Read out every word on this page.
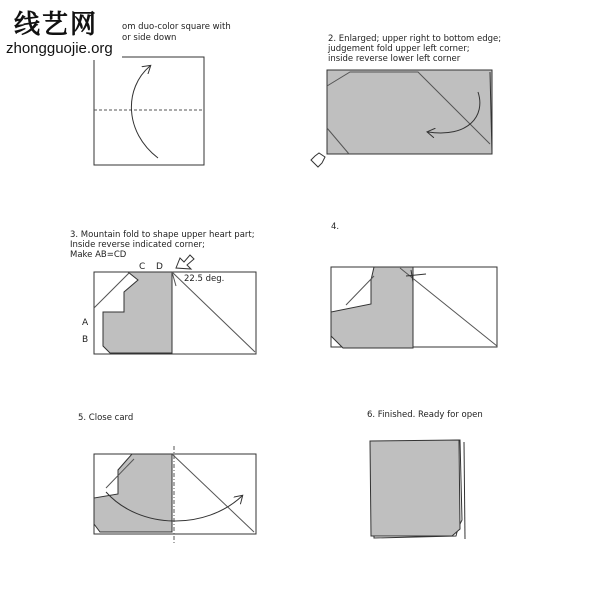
om duo-color square with
or side down	2. Enlarged; upper right to bottom edge;
judgement fold upper left corner;
inside reverse lower left corner
3. Mountain fold to shape upper heart part;
Inside reverse indicated corner;
Make AB=CD
C D
A
B
22.5 deg.
4.
5. Close card	6. Finished. Ready for open
线艺网
zhongguojie.org
